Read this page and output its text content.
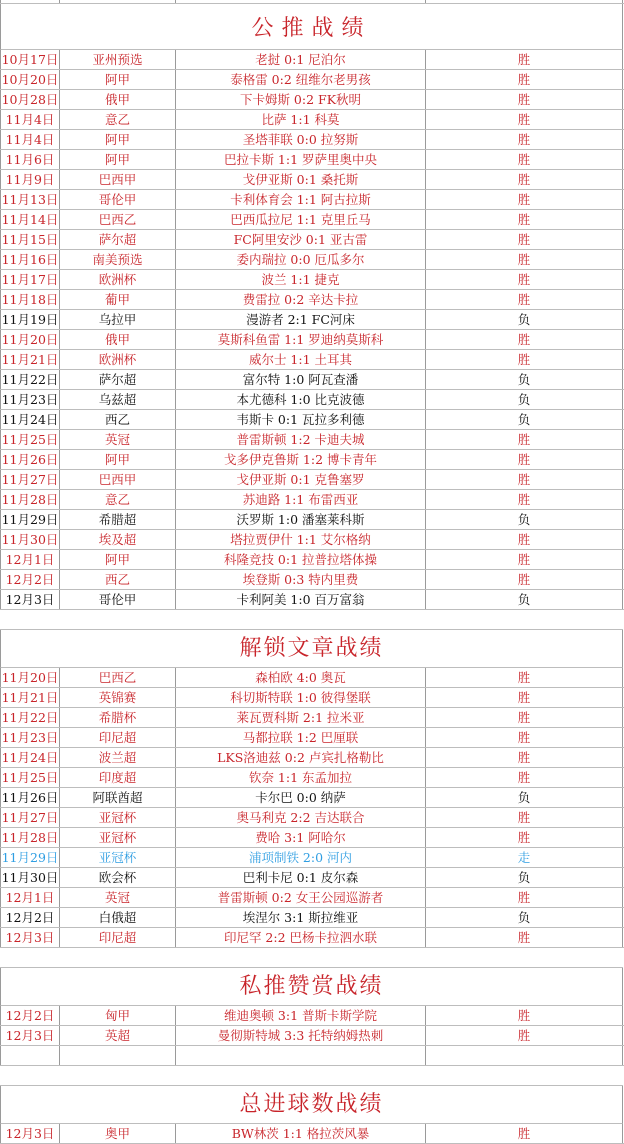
公推战绩
10月17日	亚州预选	老挝 0:1 尼泊尔	胜
10月20日	阿甲	泰格雷 0:2 纽维尔老男孩	胜
10月28日	俄甲	下卡姆斯 0:2 FK秋明	胜
11月4日	意乙	比萨 1:1 科莫	胜
11月4日	阿甲	圣塔菲联 0:0 拉努斯	胜
11月6日	阿甲	巴拉卡斯 1:1 罗萨里奥中央	胜
11月9日	巴西甲	戈伊亚斯 0:1 桑托斯	胜
11月13日	哥伦甲	卡利体育会 1:1 阿古拉斯	胜
11月14日	巴西乙	巴西瓜拉尼 1:1 克里丘马	胜
11月15日	萨尔超	FC阿里安沙 0:1 亚古雷	胜
11月16日	南美预选	委内瑞拉 0:0 厄瓜多尔	胜
11月17日	欧洲杯	波兰 1:1 捷克	胜
11月18日	葡甲	费雷拉 0:2 辛达卡拉	胜
11月19日	乌拉甲	漫游者 2:1 FC河床	负
11月20日	俄甲	莫斯科鱼雷 1:1 罗迪纳莫斯科	胜
11月21日	欧洲杯	威尔士 1:1 土耳其	胜
11月22日	萨尔超	富尔特 1:0 阿瓦查潘	负
11月23日	乌兹超	本尤德科 1:0 比克波德	负
11月24日	西乙	韦斯卡 0:1 瓦拉多利德	负
11月25日	英冠	普雷斯顿 1:2 卡迪夫城	胜
11月26日	阿甲	戈多伊克鲁斯 1:2 博卡青年	胜
11月27日	巴西甲	戈伊亚斯 0:1 克鲁塞罗	胜
11月28日	意乙	苏迪路 1:1 布雷西亚	胜
11月29日	希腊超	沃罗斯 1:0 潘塞莱科斯	负
11月30日	埃及超	塔拉贾伊什 1:1 艾尔格纳	胜
12月1日	阿甲	科隆竞技 0:1 拉普拉塔体操	胜
12月2日	西乙	埃登斯 0:3 特内里费	胜
12月3日	哥伦甲	卡利阿美 1:0 百万富翁	负
解锁文章战绩
11月20日	巴西乙	森柏欧 4:0 奥瓦	胜
11月21日	英锦赛	科切斯特联 1:0 彼得堡联	胜
11月22日	希腊杯	莱瓦贾科斯 2:1 拉米亚	胜
11月23日	印尼超	马都拉联 1:2 巴厘联	胜
11月24日	波兰超	LKS洛迪兹 0:2 卢宾扎格勒比	胜
11月25日	印度超	钦奈 1:1 东孟加拉	胜
11月26日	阿联酋超	卡尔巴 0:0 纳萨	负
11月27日	亚冠杯	奥马利克 2:2 吉达联合	胜
11月28日	亚冠杯	费哈 3:1 阿哈尔	胜
11月29日	亚冠杯	浦项制铁 2:0 河内	走
11月30日	欧会杯	巴利卡尼 0:1 皮尔森	负
12月1日	英冠	普雷斯顿 0:2 女王公园巡游者	胜
12月2日	白俄超	埃涅尔 3:1 斯拉维亚	负
12月3日	印尼超	印尼罕 2:2 巴杨卡拉泗水联	胜
私推赞赏战绩
12月2日	匈甲	维迪奥顿 3:1 普斯卡斯学院	胜
12月3日	英超	曼彻斯特城 3:3 托特纳姆热刺	胜
总进球数战绩
12月3日	奥甲	BW林茨 1:1 格拉茨风暴	胜
